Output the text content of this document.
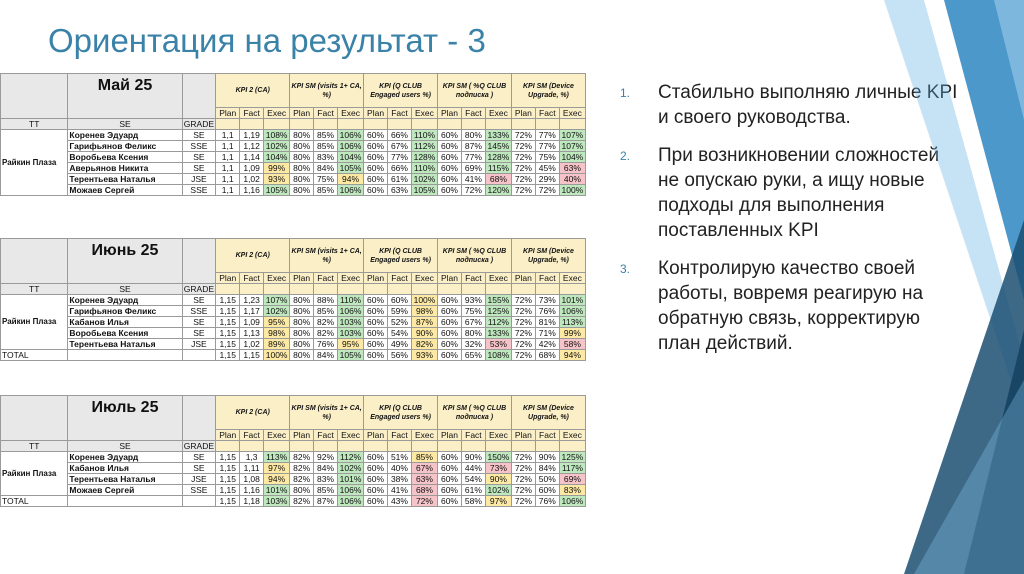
Ориентация на результат - 3
1.	Стабильно выполняю личные KPI и своего руководства.
2.	При возникновении сложностей не опускаю руки, а ищу новые подходы для выполнения поставленных KPI
3.	Контролирую качество своей работы, вовремя реагирую на обратную связь, корректирую план действий.
	Май 25		KPI 2 (CA)			KPI SM (visits 1+ CA, %)			KPI (Q CLUB Engaged users %)			KPI SM ( %Q CLUB подписка )			KPI SM (Device Upgrade, %)		
			Plan	Fact	Exec	Plan	Fact	Exec	Plan	Fact	Exec	Plan	Fact	Exec	Plan	Fact	Exec
TT	SE	GRADE															
Райкин Плаза	Коренев Эдуард	SE	1,1	1,19	108%	80%	85%	106%	60%	66%	110%	60%	80%	133%	72%	77%	107%
	Гарифьянов Феликс	SSE	1,1	1,12	102%	80%	85%	106%	60%	67%	112%	60%	87%	145%	72%	77%	107%
	Воробьева Ксения	SE	1,1	1,14	104%	80%	83%	104%	60%	77%	128%	60%	77%	128%	72%	75%	104%
	Аверьянов Никита	SE	1,1	1,09	99%	80%	84%	105%	60%	66%	110%	60%	69%	115%	72%	45%	63%
	Терентьева Наталья	JSE	1,1	1,02	93%	80%	75%	94%	60%	61%	102%	60%	41%	68%	72%	29%	40%
	Можаев Сергей	SSE	1,1	1,16	105%	80%	85%	106%	60%	63%	105%	60%	72%	120%	72%	72%	100%
	Июнь 25		KPI 2 (CA)			KPI SM (visits 1+ CA, %)			KPI (Q CLUB Engaged users %)			KPI SM ( %Q CLUB подписка )			KPI SM (Device Upgrade, %)		
			Plan	Fact	Exec	Plan	Fact	Exec	Plan	Fact	Exec	Plan	Fact	Exec	Plan	Fact	Exec
TT	SE	GRADE															
Райкин Плаза	Коренев Эдуард	SE	1,15	1,23	107%	80%	88%	110%	60%	60%	100%	60%	93%	155%	72%	73%	101%
	Гарифьянов Феликс	SSE	1,15	1,17	102%	80%	85%	106%	60%	59%	98%	60%	75%	125%	72%	76%	106%
	Кабанов Илья	SE	1,15	1,09	95%	80%	82%	103%	60%	52%	87%	60%	67%	112%	72%	81%	113%
	Воробьева Ксения	SE	1,15	1,13	98%	80%	82%	103%	60%	54%	90%	60%	80%	133%	72%	71%	99%
	Терентьева Наталья	JSE	1,15	1,02	89%	80%	76%	95%	60%	49%	82%	60%	32%	53%	72%	42%	58%
TOTAL			1,15	1,15	100%	80%	84%	105%	60%	56%	93%	60%	65%	108%	72%	68%	94%
	Июль 25		KPI 2 (CA)			KPI SM (visits 1+ CA, %)			KPI (Q CLUB Engaged users %)			KPI SM ( %Q CLUB подписка )			KPI SM (Device Upgrade, %)		
			Plan	Fact	Exec	Plan	Fact	Exec	Plan	Fact	Exec	Plan	Fact	Exec	Plan	Fact	Exec
TT	SE	GRADE															
Райкин Плаза	Коренев Эдуард	SE	1,15	1,3	113%	82%	92%	112%	60%	51%	85%	60%	90%	150%	72%	90%	125%
	Кабанов Илья	SE	1,15	1,11	97%	82%	84%	102%	60%	40%	67%	60%	44%	73%	72%	84%	117%
	Терентьева Наталья	JSE	1,15	1,08	94%	82%	83%	101%	60%	38%	63%	60%	54%	90%	72%	50%	69%
	Можаев Сергей	SSE	1,15	1,16	101%	80%	85%	106%	60%	41%	68%	60%	61%	102%	72%	60%	83%
TOTAL			1,15	1,18	103%	82%	87%	106%	60%	43%	72%	60%	58%	97%	72%	76%	106%
